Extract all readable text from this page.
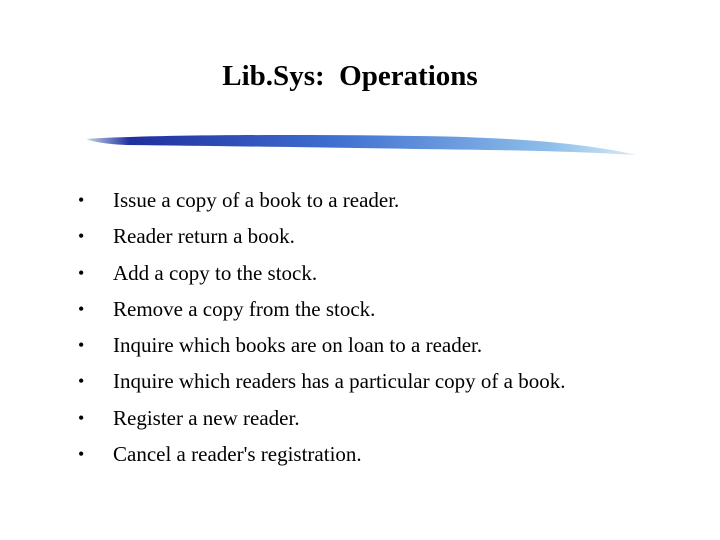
Lib.Sys:  Operations
• Issue a copy of a book to a reader.
• Reader return a book.
• Add a copy to the stock.
• Remove a copy from the stock.
• Inquire which books are on loan to a reader.
• Inquire which readers has a particular copy of a book.
• Register a new reader.
• Cancel a reader's registration.
